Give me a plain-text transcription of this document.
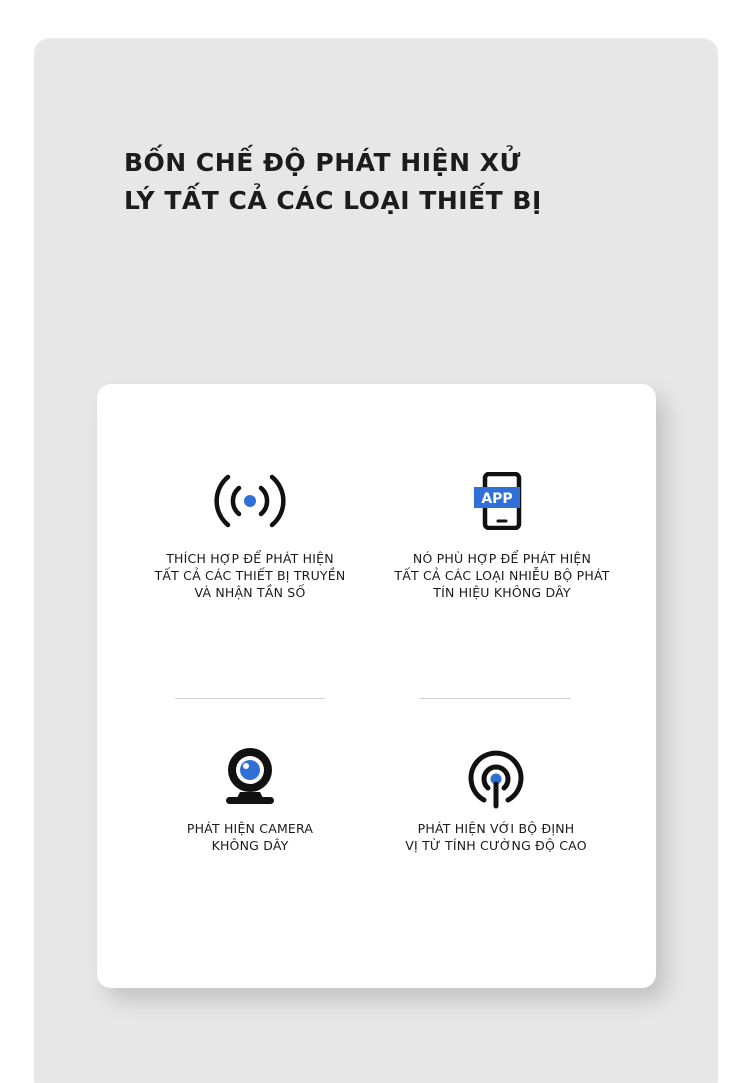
BỐN CHẾ ĐỘ PHÁT HIỆN XỬ
LÝ TẤT CẢ CÁC LOẠI THIẾT BỊ
THÍCH HỢP ĐỂ PHÁT HIỆN
TẤT CẢ CÁC THIẾT BỊ TRUYỀN
VÀ NHẬN TẦN SỐ
APP
NÓ PHÙ HỢP ĐỂ PHÁT HIỆN
TẤT CẢ CÁC LOẠI NHIỄU BỘ PHÁT
TÍN HIỆU KHÔNG DÂY
PHÁT HIỆN CAMERA
KHÔNG DÂY
PHÁT HIỆN VỚI BỘ ĐỊNH
VỊ TỪ TÍNH CƯỜNG ĐỘ CAO
